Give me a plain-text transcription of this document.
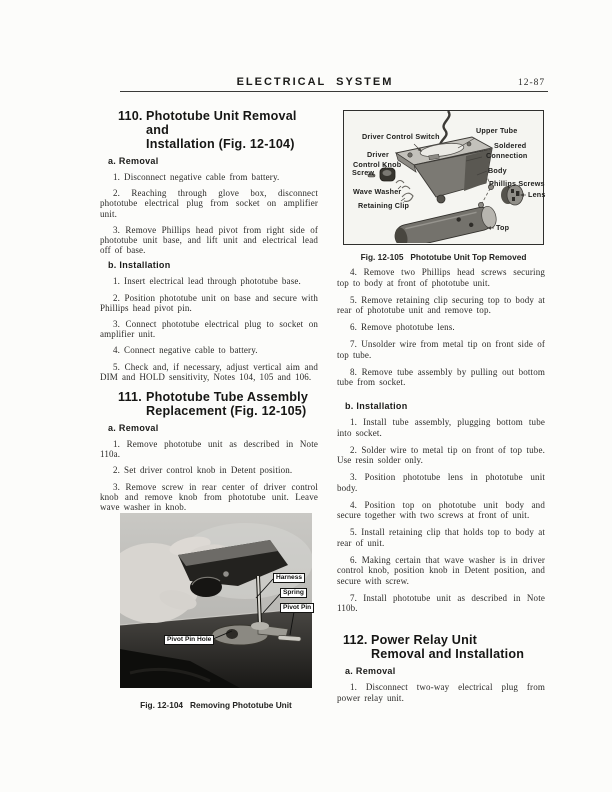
ELECTRICAL  SYSTEM	12-87
110. Phototube Unit Removal and
Installation (Fig. 12-104)
a. Removal

1. Disconnect negative cable from battery.

2. Reaching through glove box, disconnect phototube electrical plug from socket on amplifier unit.

3. Remove Phillips head pivot from right side of phototube unit base, and lift unit and electrical lead off of base.

b. Installation

1. Insert electrical lead through phototube base.

2. Position phototube unit on base and secure with Phillips head pivot pin.

3. Connect phototube electrical plug to socket on amplifier unit.

4. Connect negative cable to battery.

5. Check and, if necessary, adjust vertical aim and DIM and HOLD sensitivity, Notes 104, 105 and 106.

111. Phototube Tube Assembly
Replacement (Fig. 12-105)
a. Removal

1. Remove phototube unit as described in Note 110a.

2. Set driver control knob in Detent position.

3. Remove screw in rear center of driver control knob and remove knob from phototube unit. Leave wave washer in knob.

4. Remove two Phillips head screws securing top to body at front of phototube unit.

5. Remove retaining clip securing top to body at rear of phototube unit and remove top.

6. Remove phototube lens.

7. Unsolder wire from metal tip on front side of top tube.

8. Remove tube assembly by pulling out bottom tube from socket.

b. Installation

1. Install tube assembly, plugging bottom tube into socket.

2. Solder wire to metal tip on front of top tube. Use resin solder only.

3. Position phototube lens in phototube unit body.

4. Position top on phototube unit body and secure together with two screws at front of unit.

5. Install retaining clip that holds top to body at rear of unit.

6. Making certain that wave washer is in driver control knob, position knob in Detent position, and secure with screw.

7. Install phototube unit as described in Note 110b.

112. Power Relay Unit
Removal and Installation
a. Removal

1. Disconnect two-way electrical plug from power relay unit.

Driver Control Switch
Upper Tube
Soldered
Connection
Driver
Control Knob
Screw	Body
Wave Washer
Phillips Screws
Retaining Clip
Lens
Top
Fig. 12-105   Phototube Unit Top Removed
Harness
Spring
Pivot Pin
Pivot Pin Hole
Fig. 12-104   Removing Phototube Unit
